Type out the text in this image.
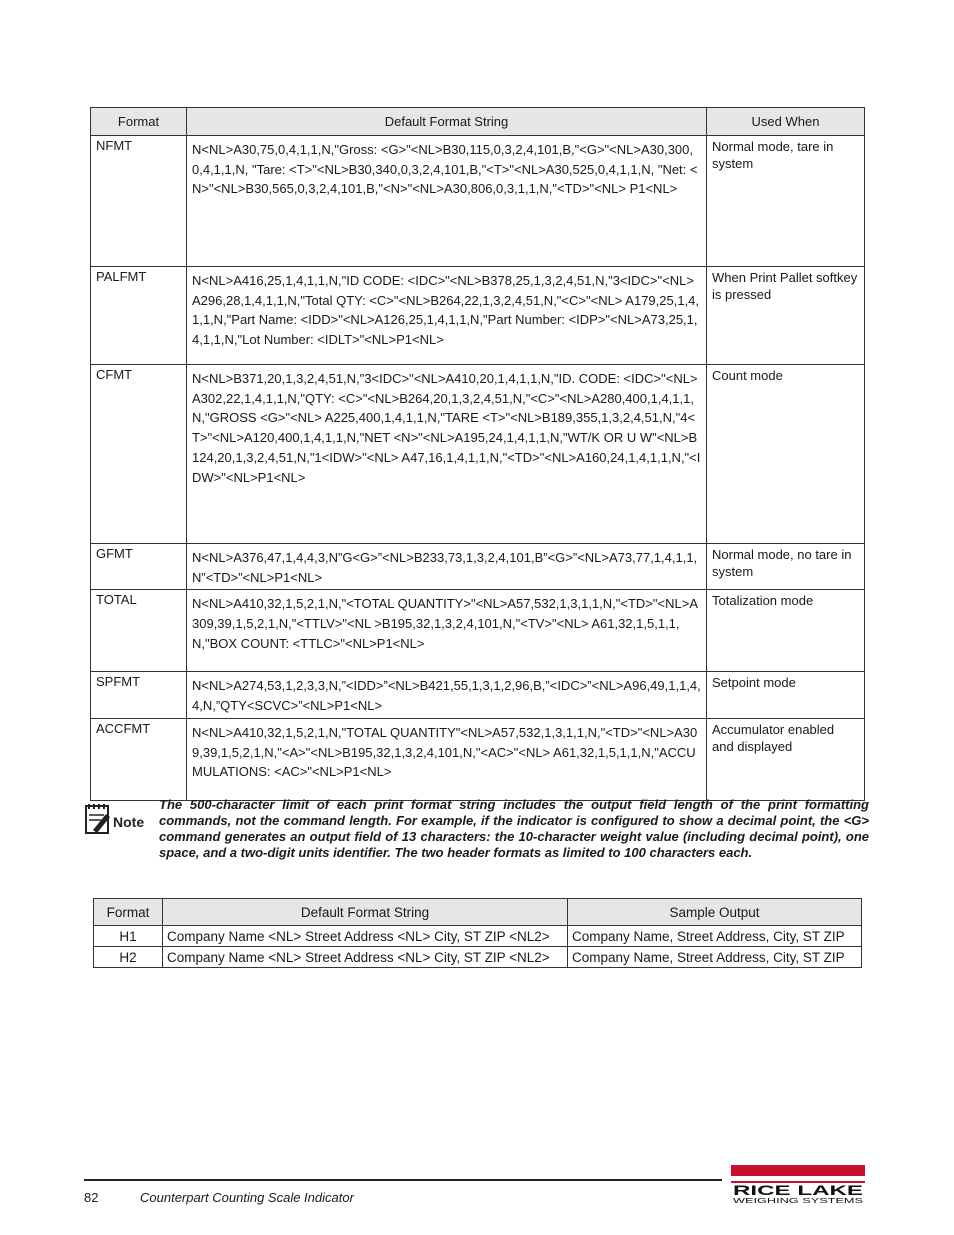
Format	Default Format String	Used When
NFMT	N<NL>A30,75,0,4,1,1,N,"Gross: <G>"<NL>B30,115,0,3,2,4,101,B,"<G>"<NL>A30,300,0,4,1,1,N, "Tare: <T>"<NL>B30,340,0,3,2,4,101,B,"<T>"<NL>A30,525,0,4,1,1,N, "Net: <N>"<NL>B30,565,0,3,2,4,101,B,"<N>"<NL>A30,806,0,3,1,1,N,"<TD>"<NL> P1<NL>	Normal mode, tare in system
PALFMT	N<NL>A416,25,1,4,1,1,N,"ID CODE: <IDC>"<NL>B378,25,1,3,2,4,51,N,"3<IDC>"<NL>A296,28,1,4,1,1,N,"Total QTY: <C>"<NL>B264,22,1,3,2,4,51,N,"<C>"<NL> A179,25,1,4,1,1,N,"Part Name: <IDD>"<NL>A126,25,1,4,1,1,N,"Part Number: <IDP>"<NL>A73,25,1,4,1,1,N,"Lot Number: <IDLT>"<NL>P1<NL>	When Print Pallet softkey is pressed
CFMT	N<NL>B371,20,1,3,2,4,51,N,"3<IDC>"<NL>A410,20,1,4,1,1,N,"ID. CODE: <IDC>"<NL>A302,22,1,4,1,1,N,"QTY: <C>"<NL>B264,20,1,3,2,4,51,N,"<C>"<NL>A280,400,1,4,1,1,N,"GROSS <G>"<NL> A225,400,1,4,1,1,N,"TARE <T>"<NL>B189,355,1,3,2,4,51,N,"4<T>"<NL>A120,400,1,4,1,1,N,"NET <N>"<NL>A195,24,1,4,1,1,N,"WT/K OR U W"<NL>B124,20,1,3,2,4,51,N,"1<IDW>"<NL> A47,16,1,4,1,1,N,"<TD>"<NL>A160,24,1,4,1,1,N,"<IDW>"<NL>P1<NL>	Count mode
GFMT	N<NL>A376,47,1,4,4,3,N”G<G>”<NL>B233,73,1,3,2,4,101,B”<G>”<NL>A73,77,1,4,1,1,N”<TD>”<NL>P1<NL>	Normal mode, no tare in system
TOTAL	N<NL>A410,32,1,5,2,1,N,"<TOTAL QUANTITY>"<NL>A57,532,1,3,1,1,N,"<TD>"<NL>A309,39,1,5,2,1,N,"<TTLV>"<NL >B195,32,1,3,2,4,101,N,"<TV>"<NL> A61,32,1,5,1,1,N,"BOX COUNT: <TTLC>"<NL>P1<NL>	Totalization mode
SPFMT	N<NL>A274,53,1,2,3,3,N,”<IDD>”<NL>B421,55,1,3,1,2,96,B,”<IDC>”<NL>A96,49,1,1,4,4,N,”QTY<SCVC>”<NL>P1<NL>	Setpoint mode
ACCFMT	N<NL>A410,32,1,5,2,1,N,"TOTAL QUANTITY"<NL>A57,532,1,3,1,1,N,"<TD>"<NL>A309,39,1,5,2,1,N,"<A>"<NL>B195,32,1,3,2,4,101,N,"<AC>"<NL> A61,32,1,5,1,1,N,"ACCUMULATIONS: <AC>"<NL>P1<NL>	Accumulator enabled and displayed
Note
The 500-character limit of each print format string includes the output field length of the print formatting commands, not the command length. For example, if the indicator is configured to show a decimal point, the <G> command generates an output field of 13 characters: the 10-character weight value (including decimal point), one space, and a two-digit units identifier. The two header formats as limited to 100 characters each.
Format	Default Format String	Sample Output
H1	Company Name <NL> Street Address <NL> City, ST ZIP <NL2>	Company Name, Street Address, City, ST ZIP
H2	Company Name <NL> Street Address <NL> City, ST ZIP <NL2>	Company Name, Street Address, City, ST ZIP
82	Counterpart Counting Scale Indicator	RICE LAKE
WEIGHING SYSTEMS
